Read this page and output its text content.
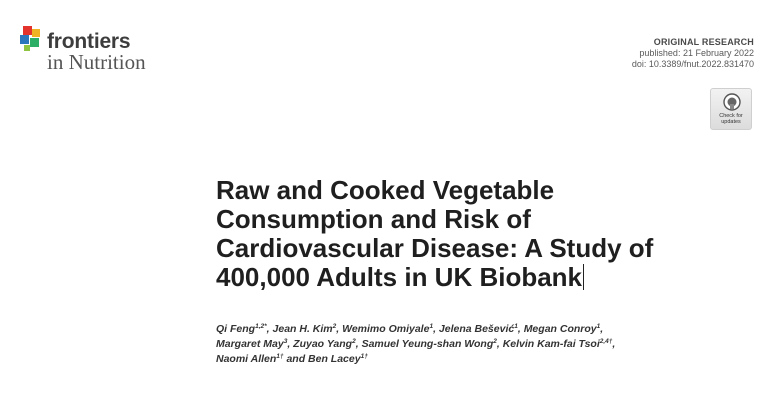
frontiers
in Nutrition
ORIGINAL RESEARCH
published: 21 February 2022
doi: 10.3389/fnut.2022.831470
Check for
updates
Raw and Cooked Vegetable
Consumption and Risk of
Cardiovascular Disease: A Study of
400,000 Adults in UK Biobank
Qi Feng$^{1,2*}$, Jean H. Kim$^2$, Wemimo Omiyale$^1$, Jelena Bešević$^1$, Megan Conroy$^1$,
Margaret May$^3$, Zuyao Yang$^2$, Samuel Yeung-shan Wong$^2$, Kelvin Kam-fai Tsoi$^{2,4\dagger}$,
Naomi Allen$^{1\dagger}$ and Ben Lacey$^{1\dagger}$
